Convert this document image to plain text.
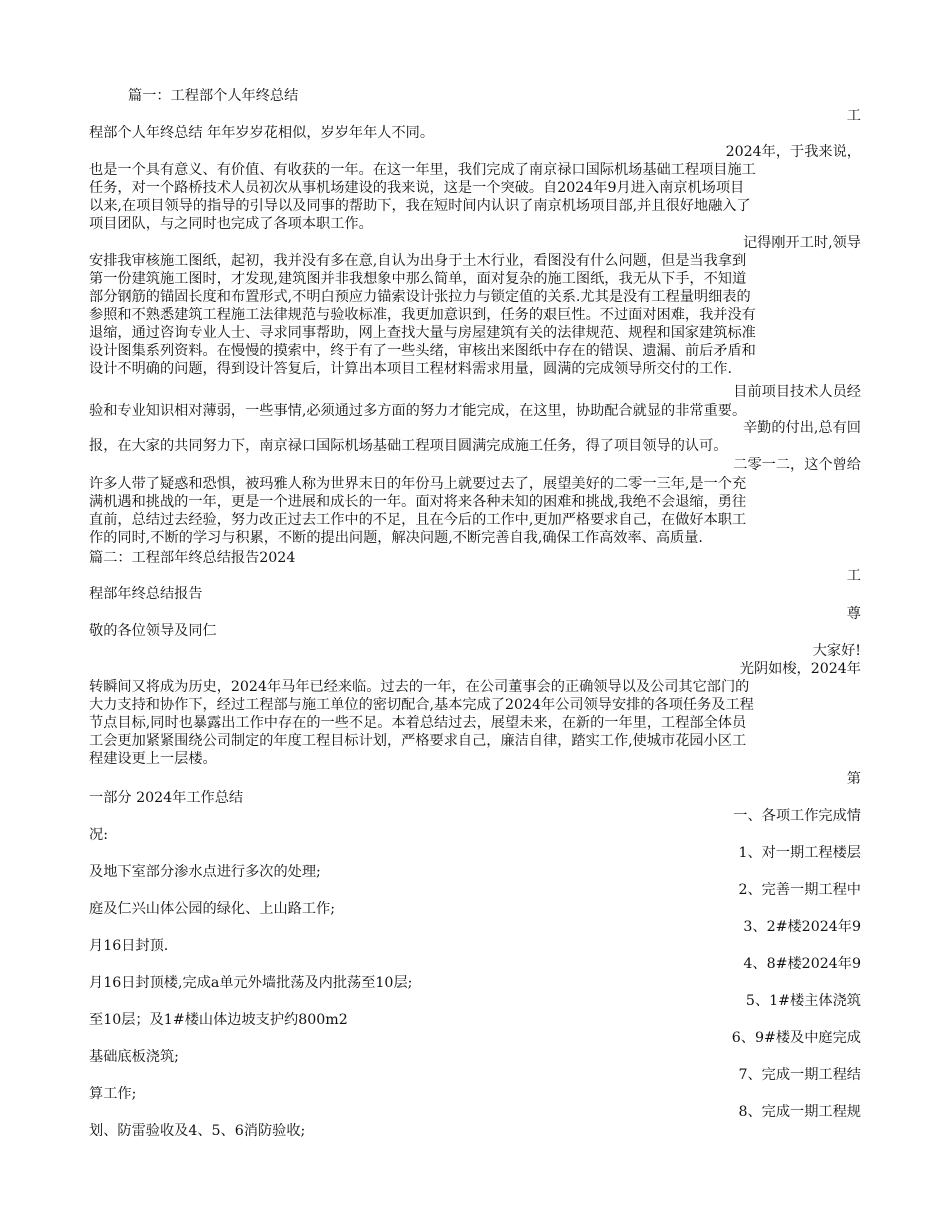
篇一：工程部个人年终总结

工

程部个人年终总结 年年岁岁花相似，岁岁年年人不同。

2024年，于我来说，

也是一个具有意义、有价值、有收获的一年。在这一年里，我们完成了南京禄口国际机场基础工程项目施工

任务，对一个路桥技术人员初次从事机场建设的我来说，这是一个突破。自2024年9月进入南京机场项目

以来,在项目领导的指导的引导以及同事的帮助下，我在短时间内认识了南京机场项目部,并且很好地融入了

项目团队，与之同时也完成了各项本职工作。

记得刚开工时,领导

安排我审核施工图纸，起初，我并没有多在意,自认为出身于土木行业，看图没有什么问题，但是当我拿到

第一份建筑施工图时，才发现,建筑图并非我想象中那么简单，面对复杂的施工图纸，我无从下手，不知道

部分钢筋的锚固长度和布置形式,不明白预应力锚索设计张拉力与锁定值的关系.尤其是没有工程量明细表的

参照和不熟悉建筑工程施工法律规范与验收标准，我更加意识到，任务的艰巨性。不过面对困难，我并没有

退缩，通过咨询专业人士、寻求同事帮助，网上查找大量与房屋建筑有关的法律规范、规程和国家建筑标准

设计图集系列资料。在慢慢的摸索中，终于有了一些头绪，审核出来图纸中存在的错误、遗漏、前后矛盾和

设计不明确的问题，得到设计答复后，计算出本项目工程材料需求用量，圆满的完成领导所交付的工作.

目前项目技术人员经

验和专业知识相对薄弱，一些事情,必须通过多方面的努力才能完成，在这里，协助配合就显的非常重要。

辛勤的付出,总有回

报，在大家的共同努力下，南京禄口国际机场基础工程项目圆满完成施工任务，得了项目领导的认可。

二零一二，这个曾给

许多人带了疑惑和恐惧，被玛雅人称为世界末日的年份马上就要过去了，展望美好的二零一三年,是一个充

满机遇和挑战的一年，更是一个进展和成长的一年。面对将来各种未知的困难和挑战,我绝不会退缩，勇往

直前，总结过去经验，努力改正过去工作中的不足，且在今后的工作中,更加严格要求自己，在做好本职工

作的同时,不断的学习与积累，不断的提出问题，解决问题,不断完善自我,确保工作高效率、高质量.

篇二：工程部年终总结报告2024

工

程部年终总结报告

尊

敬的各位领导及同仁

大家好!

光阴如梭，2024年

转瞬间又将成为历史，2024年马年已经来临。过去的一年，在公司董事会的正确领导以及公司其它部门的

大力支持和协作下，经过工程部与施工单位的密切配合,基本完成了2024年公司领导安排的各项任务及工程

节点目标,同时也暴露出工作中存在的一些不足。本着总结过去，展望未来，在新的一年里，工程部全体员

工会更加紧紧围绕公司制定的年度工程目标计划，严格要求自己，廉洁自律，踏实工作,使城市花园小区工

程建设更上一层楼。

第

一部分 2024年工作总结

一、各项工作完成情

况:

1、对一期工程楼层

及地下室部分渗水点进行多次的处理;

2、完善一期工程中

庭及仁兴山体公园的绿化、上山路工作;

3、2#楼2024年9

月16日封顶.

4、8#楼2024年9

月16日封顶楼,完成a单元外墙批荡及内批荡至10层;

5、1#楼主体浇筑

至10层；及1#楼山体边坡支护约800m2

6、9#楼及中庭完成

基础底板浇筑;

7、完成一期工程结

算工作;

8、完成一期工程规

划、防雷验收及4、5、6消防验收;
